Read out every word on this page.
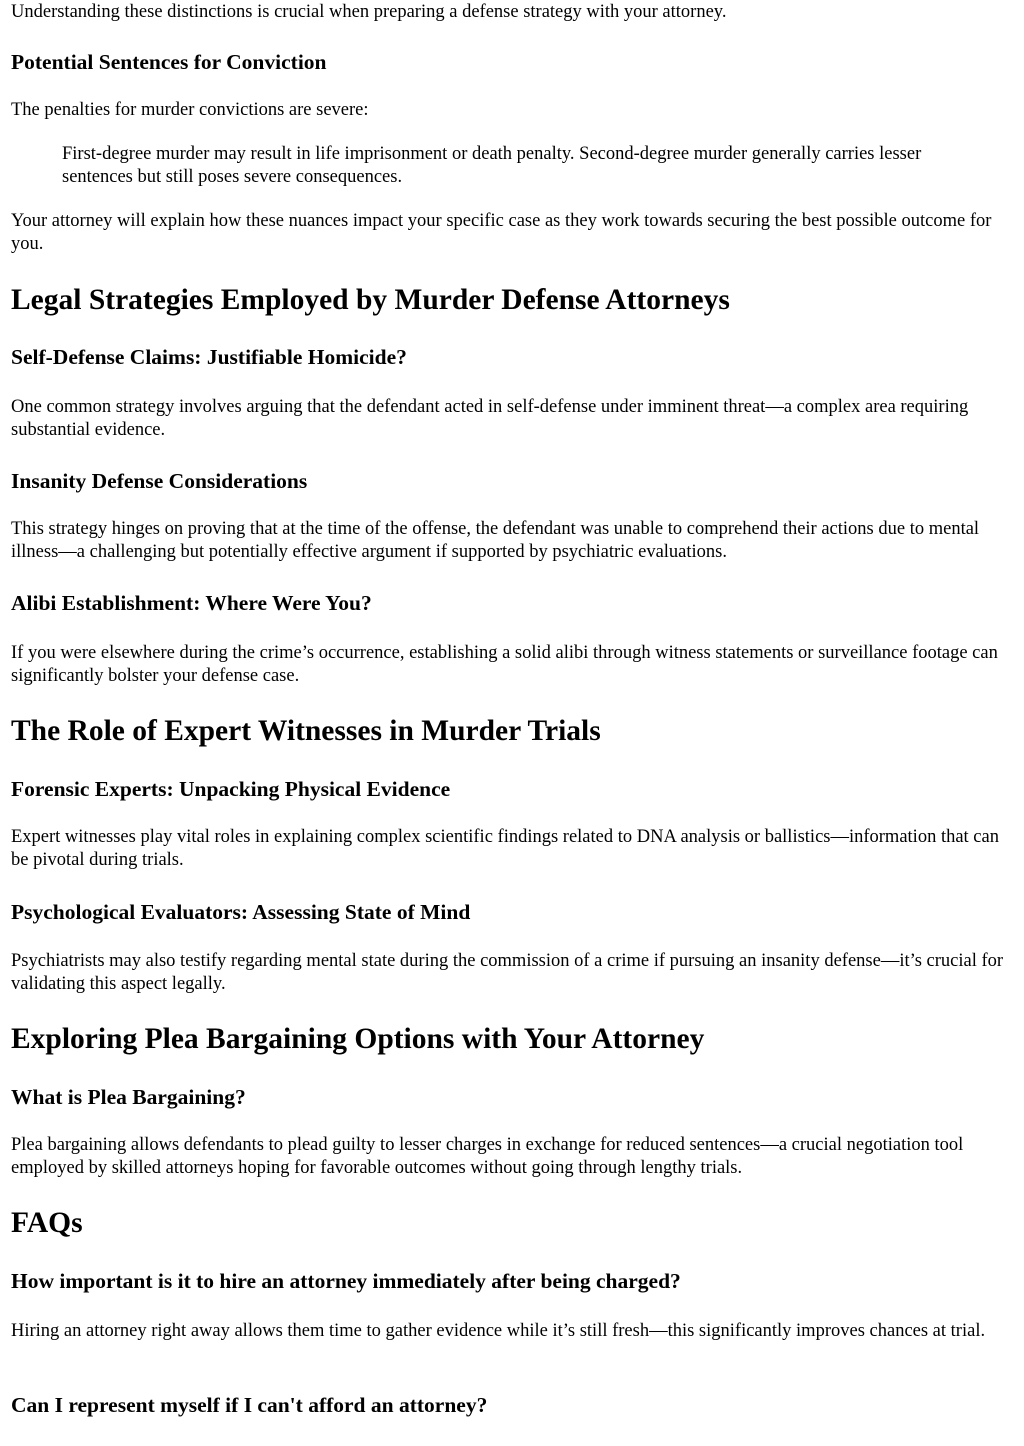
Understanding these distinctions is crucial when preparing a defense strategy with your attorney.

Potential Sentences for Conviction

The penalties for murder convictions are severe:

First-degree murder may result in life imprisonment or death penalty. Second-degree murder generally carries lesser sentences but still poses severe consequences.

Your attorney will explain how these nuances impact your specific case as they work towards securing the best possible outcome for you.

Legal Strategies Employed by Murder Defense Attorneys
Self-Defense Claims: Justifiable Homicide?

One common strategy involves arguing that the defendant acted in self-defense under imminent threat—a complex area requiring substantial evidence.

Insanity Defense Considerations

This strategy hinges on proving that at the time of the offense, the defendant was unable to comprehend their actions due to mental illness—a challenging but potentially effective argument if supported by psychiatric evaluations.

Alibi Establishment: Where Were You?

If you were elsewhere during the crime’s occurrence, establishing a solid alibi through witness statements or surveillance footage can significantly bolster your defense case.

The Role of Expert Witnesses in Murder Trials
Forensic Experts: Unpacking Physical Evidence

Expert witnesses play vital roles in explaining complex scientific findings related to DNA analysis or ballistics—information that can be pivotal during trials.

Psychological Evaluators: Assessing State of Mind

Psychiatrists may also testify regarding mental state during the commission of a crime if pursuing an insanity defense—it’s crucial for validating this aspect legally.

Exploring Plea Bargaining Options with Your Attorney
What is Plea Bargaining?

Plea bargaining allows defendants to plead guilty to lesser charges in exchange for reduced sentences—a crucial negotiation tool employed by skilled attorneys hoping for favorable outcomes without going through lengthy trials.

FAQs
How important is it to hire an attorney immediately after being charged?

Hiring an attorney right away allows them time to gather evidence while it’s still fresh—this significantly improves chances at trial.

Can I represent myself if I can't afford an attorney?
